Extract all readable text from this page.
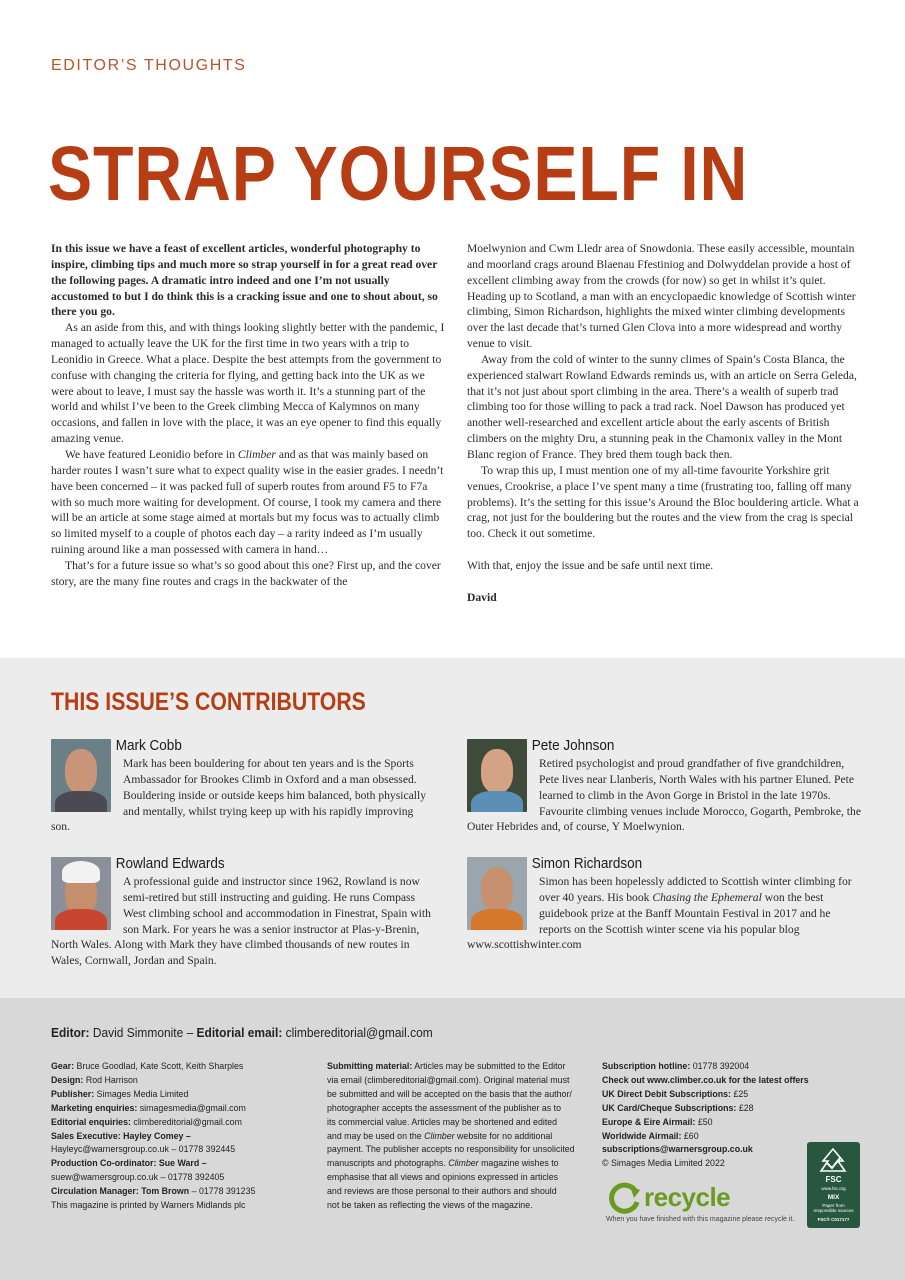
EDITOR’S THOUGHTS
STRAP YOURSELF IN

In this issue we have a feast of excellent articles, wonderful photography to inspire, climbing tips and much more so strap yourself in for a great read over the following pages. A dramatic intro indeed and one I’m not usually accustomed to but I do think this is a cracking issue and one to shout about, so there you go.

As an aside from this, and with things looking slightly better with the pandemic, I managed to actually leave the UK for the first time in two years with a trip to Leonidio in Greece. What a place. Despite the best attempts from the government to confuse with changing the criteria for flying, and getting back into the UK as we were about to leave, I must say the hassle was worth it. It’s a stunning part of the world and whilst I’ve been to the Greek climbing Mecca of Kalymnos on many occasions, and fallen in love with the place, it was an eye opener to find this equally amazing venue.

We have featured Leonidio before in Climber and as that was mainly based on harder routes I wasn’t sure what to expect quality wise in the easier grades. I needn’t have been concerned – it was packed full of superb routes from around F5 to F7a with so much more waiting for development. Of course, I took my camera and there will be an article at some stage aimed at mortals but my focus was to actually climb so limited myself to a couple of photos each day – a rarity indeed as I’m usually ruining around like a man possessed with camera in hand…

That’s for a future issue so what’s so good about this one? First up, and the cover story, are the many fine routes and crags in the backwater of the

Moelwynion and Cwm Lledr area of Snowdonia. These easily accessible, mountain and moorland crags around Blaenau Ffestiniog and Dolwyddelan provide a host of excellent climbing away from the crowds (for now) so get in whilst it’s quiet. Heading up to Scotland, a man with an encyclopaedic knowledge of Scottish winter climbing, Simon Richardson, highlights the mixed winter climbing developments over the last decade that’s turned Glen Clova into a more widespread and worthy venue to visit.

Away from the cold of winter to the sunny climes of Spain’s Costa Blanca, the experienced stalwart Rowland Edwards reminds us, with an article on Serra Geleda, that it’s not just about sport climbing in the area. There’s a wealth of superb trad climbing too for those willing to pack a trad rack. Noel Dawson has produced yet another well-researched and excellent article about the early ascents of British climbers on the mighty Dru, a stunning peak in the Chamonix valley in the Mont Blanc region of France. They bred them tough back then.

To wrap this up, I must mention one of my all-time favourite Yorkshire grit venues, Crookrise, a place I’ve spent many a time (frustrating too, falling off many problems). It’s the setting for this issue’s Around the Bloc bouldering article. What a crag, not just for the bouldering but the routes and the view from the crag is special too. Check it out sometime.

With that, enjoy the issue and be safe until next time.

David

THIS ISSUE’S CONTRIBUTORS
Mark Cobb
Mark has been bouldering for about ten years and is the Sports Ambassador for Brookes Climb in Oxford and a man obsessed. Bouldering inside or outside keeps him balanced, both physically and mentally, whilst trying keep up with his rapidly improving son.
Pete Johnson
Retired psychologist and proud grandfather of five grandchildren, Pete lives near Llanberis, North Wales with his partner Eluned. Pete learned to climb in the Avon Gorge in Bristol in the late 1970s. Favourite climbing venues include Morocco, Gogarth, Pembroke, the Outer Hebrides and, of course, Y Moelwynion.
Rowland Edwards
A professional guide and instructor since 1962, Rowland is now semi-retired but still instructing and guiding. He runs Compass West climbing school and accommodation in Finestrat, Spain with son Mark. For years he was a senior instructor at Plas-y-Brenin, North Wales. Along with Mark they have climbed thousands of new routes in Wales, Cornwall, Jordan and Spain.
Simon Richardson
Simon has been hopelessly addicted to Scottish winter climbing for over 40 years. His book Chasing the Ephemeral won the best guidebook prize at the Banff Mountain Festival in 2017 and he reports on the Scottish winter scene via his popular blog www.scottishwinter.com
Editor: David Simmonite – Editorial email: climbereditorial@gmail.com
Gear: Bruce Goodlad, Kate Scott, Keith Sharples
Design: Rod Harrison
Publisher: Simages Media Limited
Marketing enquiries: simagesmedia@gmail.com
Editorial enquiries: climbereditorial@gmail.com
Sales Executive: Hayley Comey –
Hayleyc@warnersgroup.co.uk – 01778 392445
Production Co-ordinator: Sue Ward –
suew@warnersgroup.co.uk – 01778 392405
Circulation Manager: Tom Brown – 01778 391235
This magazine is printed by Warners Midlands plc
Submitting material: Articles may be submitted to the Editor
via email (climbereditorial@gmail.com). Original material must
be submitted and will be accepted on the basis that the author/
photographer accepts the assessment of the publisher as to
its commercial value. Articles may be shortened and edited
and may be used on the Climber website for no additional
payment. The publisher accepts no responsibility for unsolicited
manuscripts and photographs. Climber magazine wishes to
emphasise that all views and opinions expressed in articles
and reviews are those personal to their authors and should
not be taken as reflecting the views of the magazine.
Subscription hotline: 01778 392004
Check out www.climber.co.uk for the latest offers
UK Direct Debit Subscriptions: £25
UK Card/Cheque Subscriptions: £28
Europe & Eire Airmail: £50
Worldwide Airmail: £60
subscriptions@warnersgroup.co.uk
© Simages Media Limited 2022
recycle
When you have finished with this magazine please recycle it.
FSC
www.fsc.org
MIX
Paper from responsible sources
FSC® C017177
